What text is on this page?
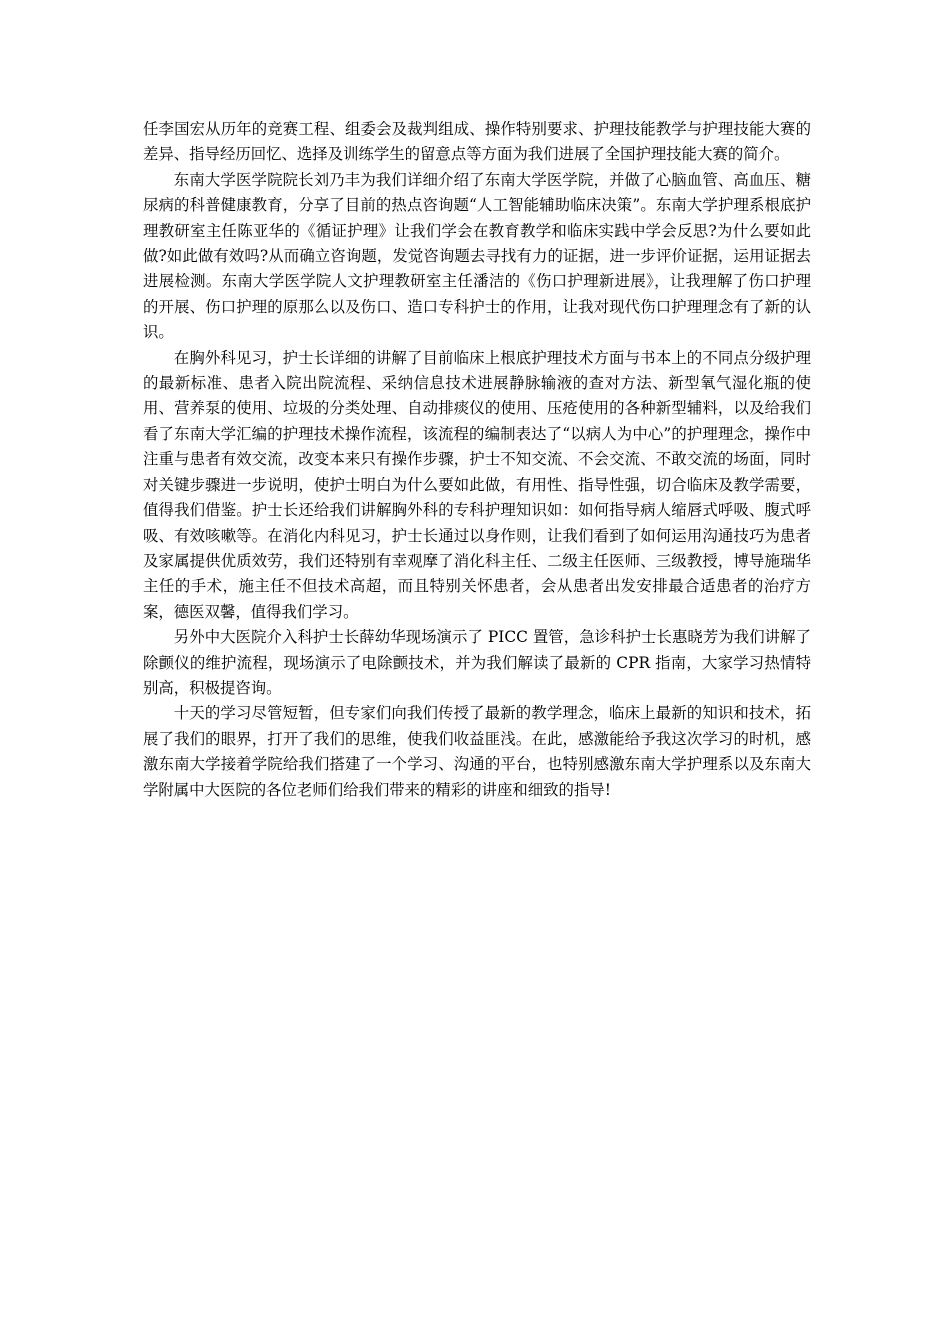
任李国宏从历年的竞赛工程、组委会及裁判组成、操作特别要求、护理技能教学与护理技能大赛的差异、指导经历回忆、选择及训练学生的留意点等方面为我们进展了全国护理技能大赛的简介。

东南大学医学院院长刘乃丰为我们详细介绍了东南大学医学院，并做了心脑血管、高血压、糖尿病的科普健康教育，分享了目前的热点咨询题“人工智能辅助临床决策”。东南大学护理系根底护理教研室主任陈亚华的《循证护理》让我们学会在教育教学和临床实践中学会反思?为什么要如此做?如此做有效吗?从而确立咨询题，发觉咨询题去寻找有力的证据，进一步评价证据，运用证据去进展检测。东南大学医学院人文护理教研室主任潘洁的《伤口护理新进展》，让我理解了伤口护理的开展、伤口护理的原那么以及伤口、造口专科护士的作用，让我对现代伤口护理理念有了新的认识。

在胸外科见习，护士长详细的讲解了目前临床上根底护理技术方面与书本上的不同点分级护理的最新标准、患者入院出院流程、采纳信息技术进展静脉输液的查对方法、新型氧气湿化瓶的使用、营养泵的使用、垃圾的分类处理、自动排痰仪的使用、压疮使用的各种新型辅料，以及给我们看了东南大学汇编的护理技术操作流程，该流程的编制表达了“以病人为中心”的护理理念，操作中注重与患者有效交流，改变本来只有操作步骤，护士不知交流、不会交流、不敢交流的场面，同时对关键步骤进一步说明，使护士明白为什么要如此做，有用性、指导性强，切合临床及教学需要，值得我们借鉴。护士长还给我们讲解胸外科的专科护理知识如：如何指导病人缩唇式呼吸、腹式呼吸、有效咳嗽等。在消化内科见习，护士长通过以身作则，让我们看到了如何运用沟通技巧为患者及家属提供优质效劳，我们还特别有幸观摩了消化科主任、二级主任医师、三级教授，博导施瑞华主任的手术，施主任不但技术高超，而且特别关怀患者，会从患者出发安排最合适患者的治疗方案，德医双馨，值得我们学习。

另外中大医院介入科护士长薛幼华现场演示了 PICC 置管，急诊科护士长惠晓芳为我们讲解了除颤仪的维护流程，现场演示了电除颤技术，并为我们解读了最新的 CPR 指南，大家学习热情特别高，积极提咨询。

十天的学习尽管短暂，但专家们向我们传授了最新的教学理念，临床上最新的知识和技术，拓展了我们的眼界，打开了我们的思维，使我们收益匪浅。在此，感激能给予我这次学习的时机，感激东南大学接着学院给我们搭建了一个学习、沟通的平台，也特别感激东南大学护理系以及东南大学附属中大医院的各位老师们给我们带来的精彩的讲座和细致的指导!
